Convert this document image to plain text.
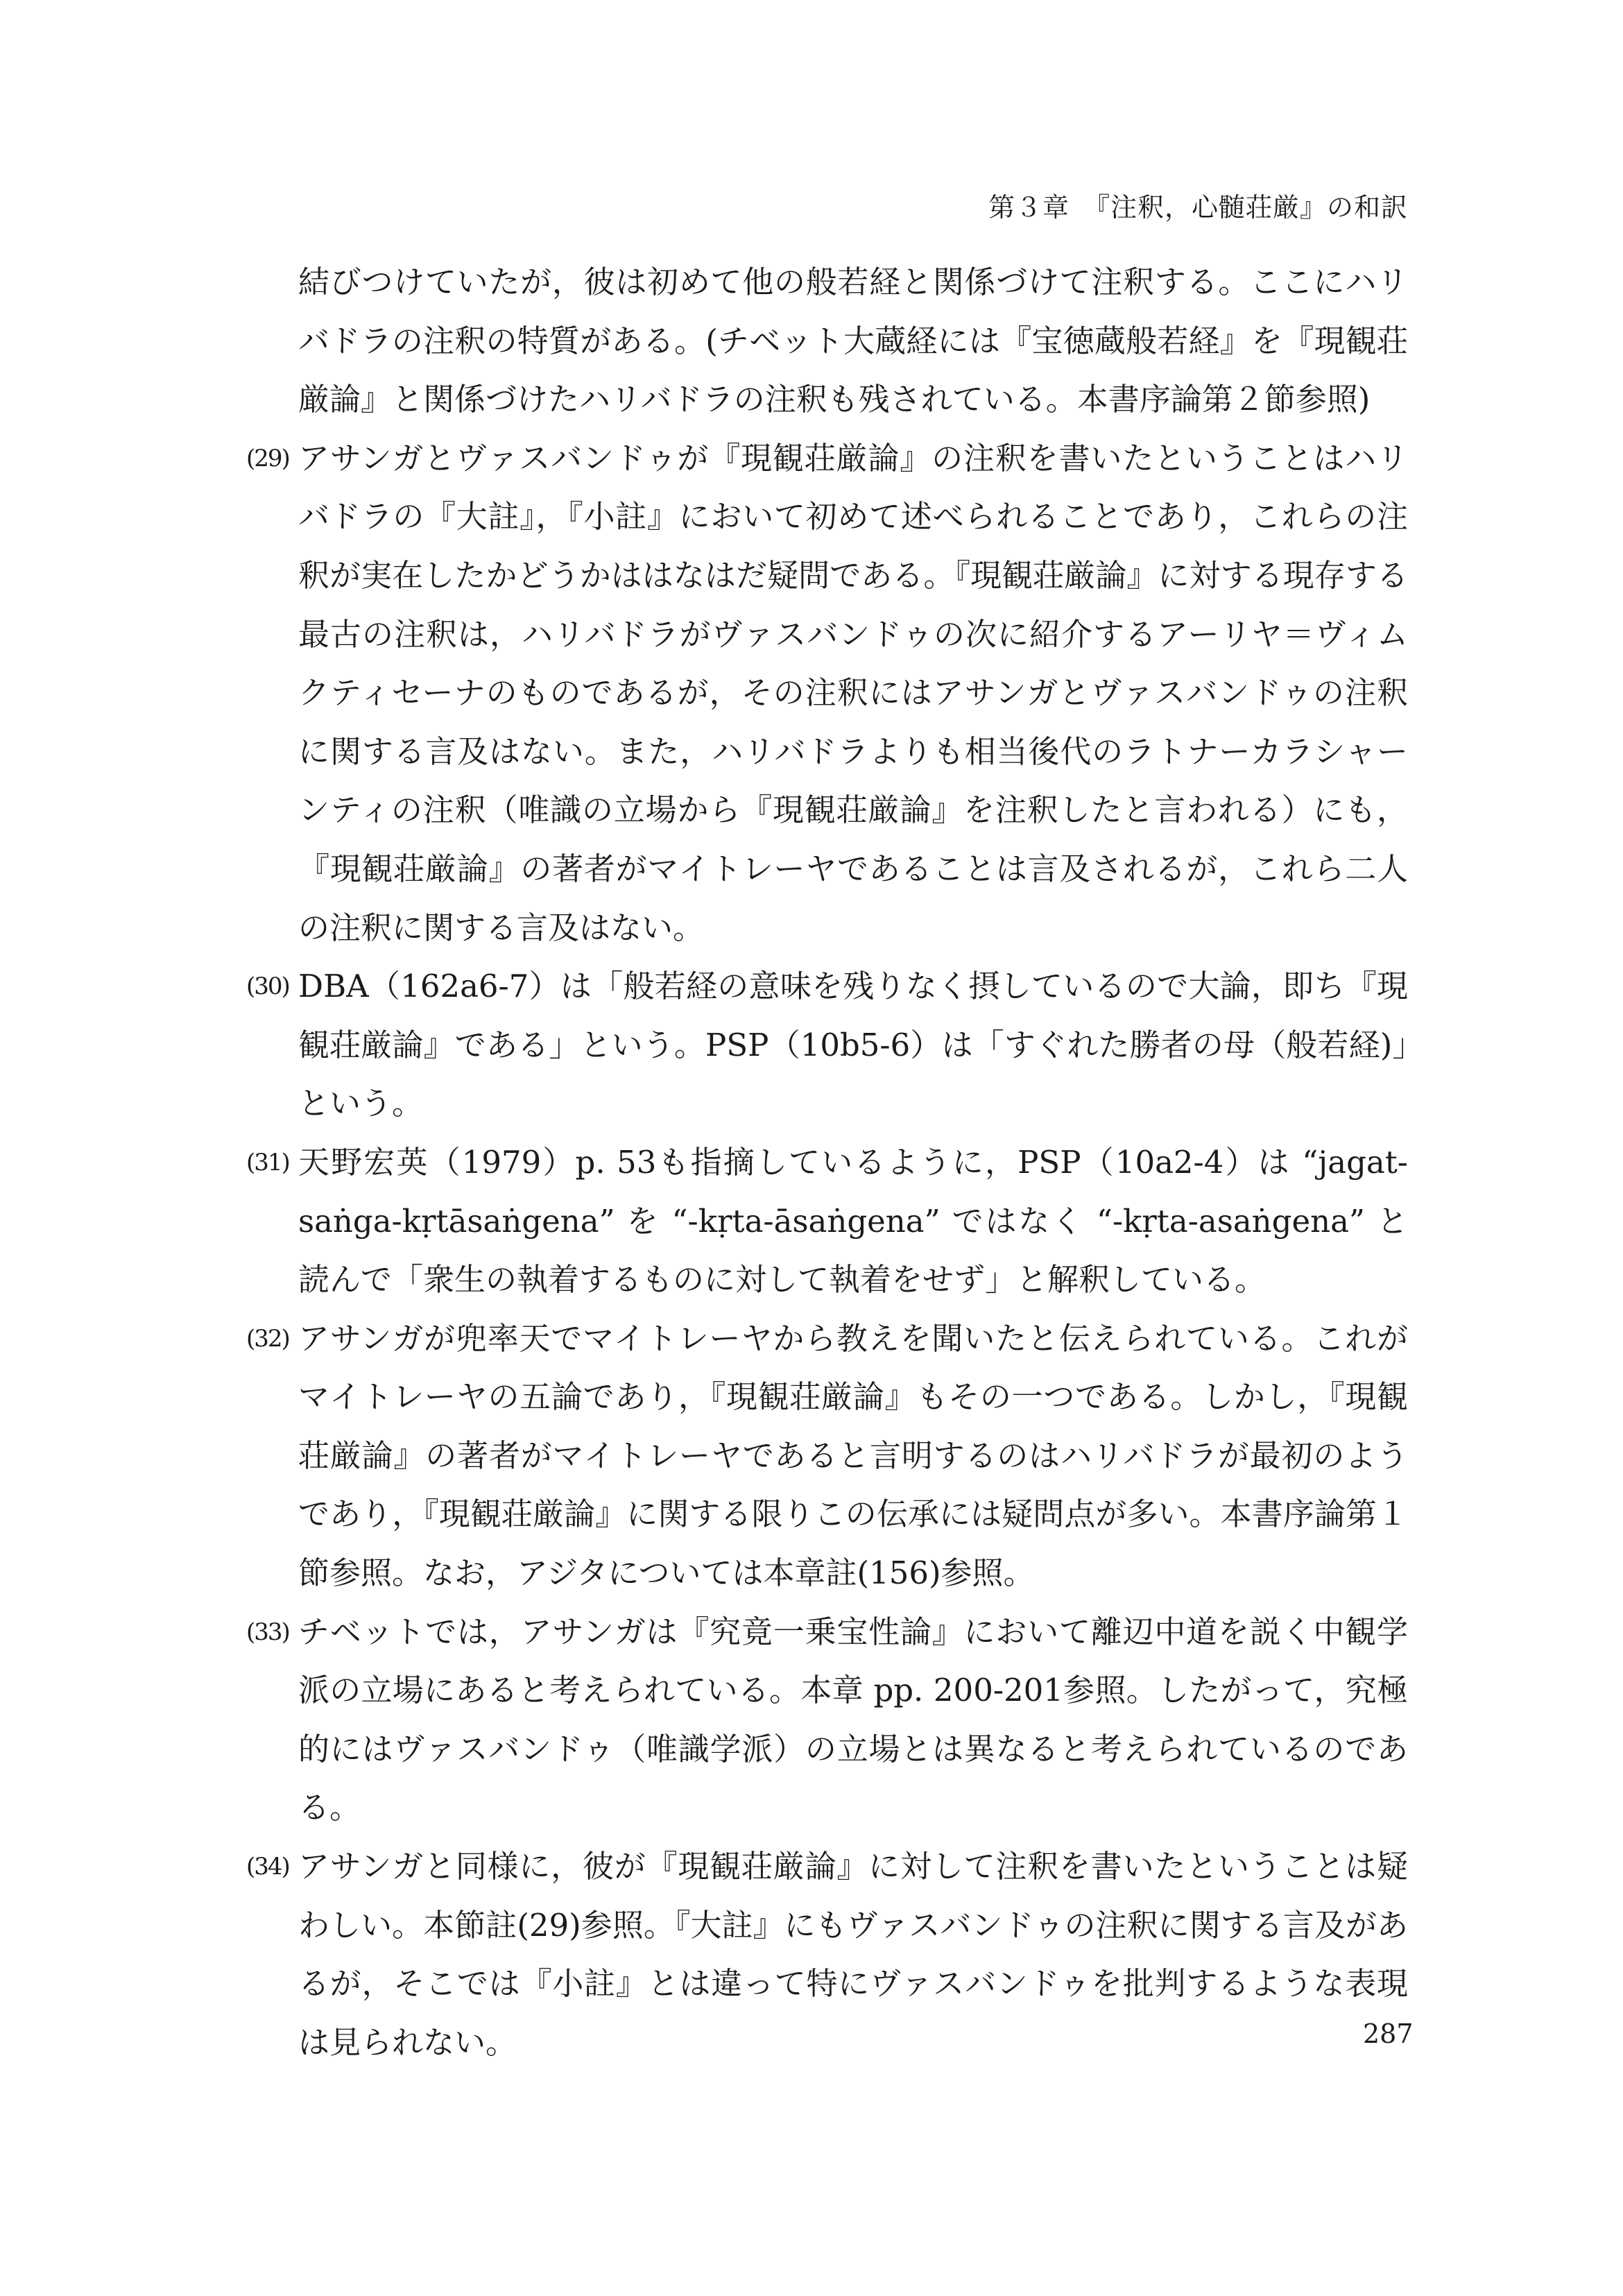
第３章　『注釈，心髄荘厳』の和訳

結びつけていたが，彼は初めて他の般若経と関係づけて注釈する。ここにハリバドラの注釈の特質がある。(チベット大蔵経には『宝徳蔵般若経』を『現観荘厳論』と関係づけたハリバドラの注釈も残されている。本書序論第２節参照)

(29) アサンガとヴァスバンドゥが『現観荘厳論』の注釈を書いたということはハリバドラの『大註』，『小註』において初めて述べられることであり，これらの注釈が実在したかどうかははなはだ疑問である。『現観荘厳論』に対する現存する最古の注釈は，ハリバドラがヴァスバンドゥの次に紹介するアーリヤ＝ヴィムクティセーナのものであるが，その注釈にはアサンガとヴァスバンドゥの注釈に関する言及はない。また，ハリバドラよりも相当後代のラトナーカラシャーンティの注釈（唯識の立場から『現観荘厳論』を注釈したと言われる）にも，『現観荘厳論』の著者がマイトレーヤであることは言及されるが，これら二人の注釈に関する言及はない。
(30) DBA（162a6-7）は「般若経の意味を残りなく摂しているので大論，即ち『現観荘厳論』である」という。PSP（10b5-6）は「すぐれた勝者の母（般若経)」という。
(31) 天野宏英（1979）p. 53も指摘しているように，PSP（10a2-4）は “jagat-saṅga-kṛtāsaṅgena” を “-kṛta-āsaṅgena” ではなく “-kṛta-asaṅgena” と読んで「衆生の執着するものに対して執着をせず」と解釈している。
(32) アサンガが兜率天でマイトレーヤから教えを聞いたと伝えられている。これがマイトレーヤの五論であり，『現観荘厳論』もその一つである。しかし，『現観荘厳論』の著者がマイトレーヤであると言明するのはハリバドラが最初のようであり，『現観荘厳論』に関する限りこの伝承には疑問点が多い。本書序論第１節参照。なお，アジタについては本章註(156)参照。
(33) チベットでは，アサンガは『究竟一乗宝性論』において離辺中道を説く中観学派の立場にあると考えられている。本章 pp. 200-201参照。したがって，究極的にはヴァスバンドゥ（唯識学派）の立場とは異なると考えられているのである。
(34) アサンガと同様に，彼が『現観荘厳論』に対して注釈を書いたということは疑わしい。本節註(29)参照。『大註』にもヴァスバンドゥの注釈に関する言及があるが，そこでは『小註』とは違って特にヴァスバンドゥを批判するような表現は見られない。	287
